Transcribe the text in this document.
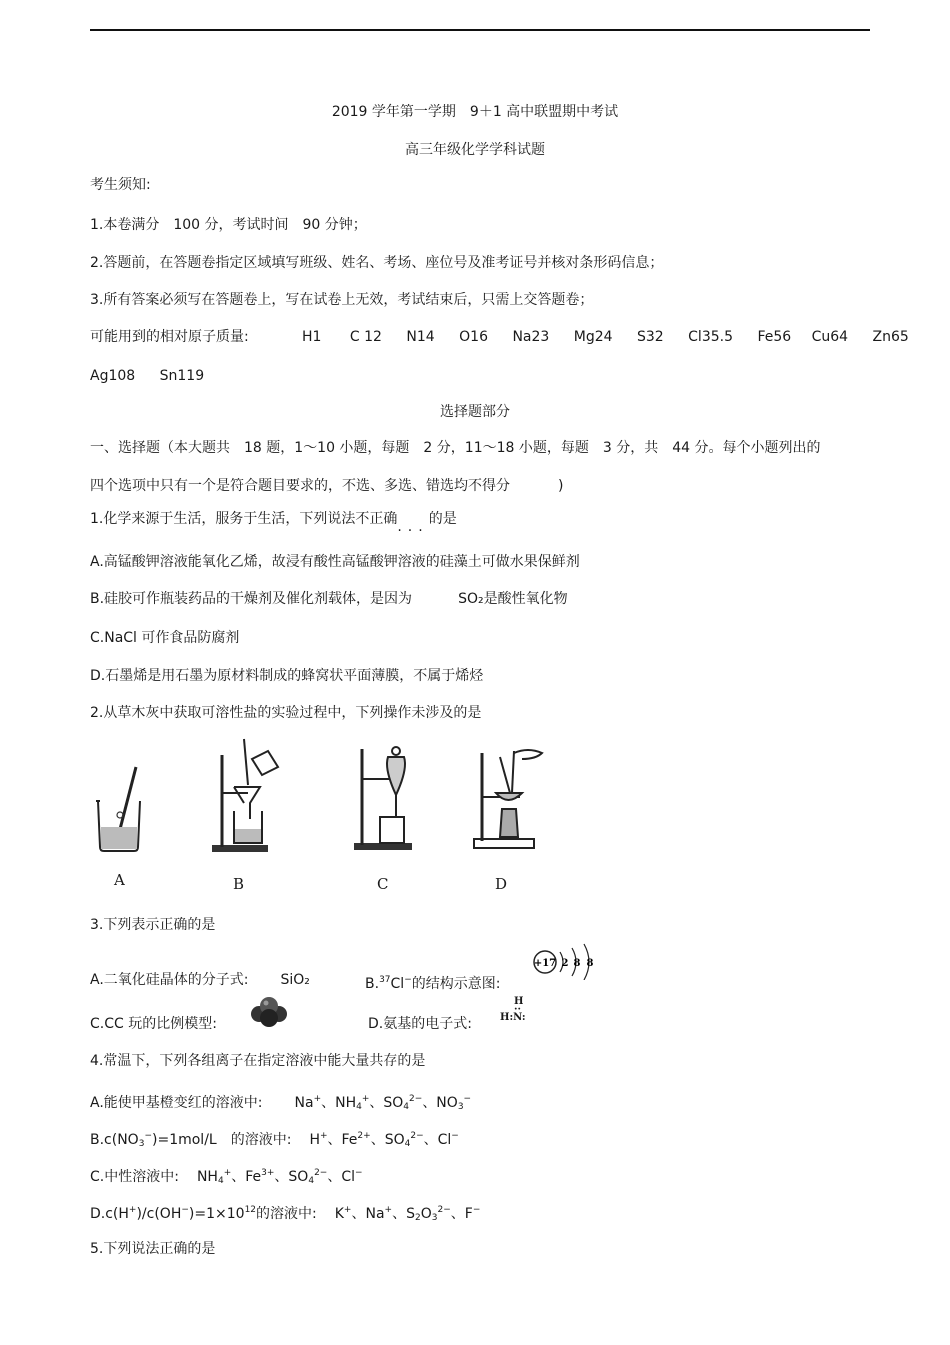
2019 学年第一学期　9＋1 高中联盟期中考试
高三年级化学学科试题
考生须知:
1.本卷满分　100 分，考试时间　90 分钟；
2.答题前，在答题卷指定区域填写班级、姓名、考场、座位号及准考证号并核对条形码信息；
3.所有答案必须写在答题卷上，写在试卷上无效，考试结束后，只需上交答题卷；
可能用到的相对原子质量:	H1 C 12 N14 O16 Na23 Mg24 S32 Cl35.5 Fe56 Cu64 Zn65
Ag108 Sn119
选择题部分
一、选择题（本大题共　18 题，1～10 小题，每题　2 分，11～18 小题，每题　3 分，共　44 分。每个小题列出的
四个选项中只有一个是符合题目要求的，不选、多选、错选均不得分	)
1.化学来源于生活，服务于生活，下列说法不正确...的是
A.高锰酸钾溶液能氧化乙烯，故浸有酸性高锰酸钾溶液的硅藻土可做水果保鲜剂
B.硅胶可作瓶装药品的干燥剂及催化剂载体，是因为	SO₂是酸性氧化物
C.NaCl 可作食品防腐剂
D.石墨烯是用石墨为原材料制成的蜂窝状平面薄膜，不属于烯烃
2.从草木灰中获取可溶性盐的实验过程中，下列操作未涉及的是
A	B	C	D
3.下列表示正确的是
A.二氧化硅晶体的分子式: SiO₂	B.$^{37}$Cl−的结构示意图:
+17 2 8 8
C.CC 玩的比例模型:	D.氨基的电子式:
H
··
H:N:
4.常温下，下列各组离子在指定溶液中能大量共存的是
A.能使甲基橙变红的溶液中: Na+、$NH_4^+$、$SO_4^{2-}$、$NO_3^-$
$B.c(NO_3^-)=1mol/L$　的溶液中: H+、$Fe^{2+}$、$SO_4^{2-}$、Cl−
C.中性溶液中: $NH_4^+$、$Fe^{3+}$、$SO_4^{2-}$、Cl−
$D.c(H^+)/c(OH^-)=1\times 10^{12}$的溶液中: K+、Na+、$S_2O_3^{2-}$、F−
5.下列说法正确的是
